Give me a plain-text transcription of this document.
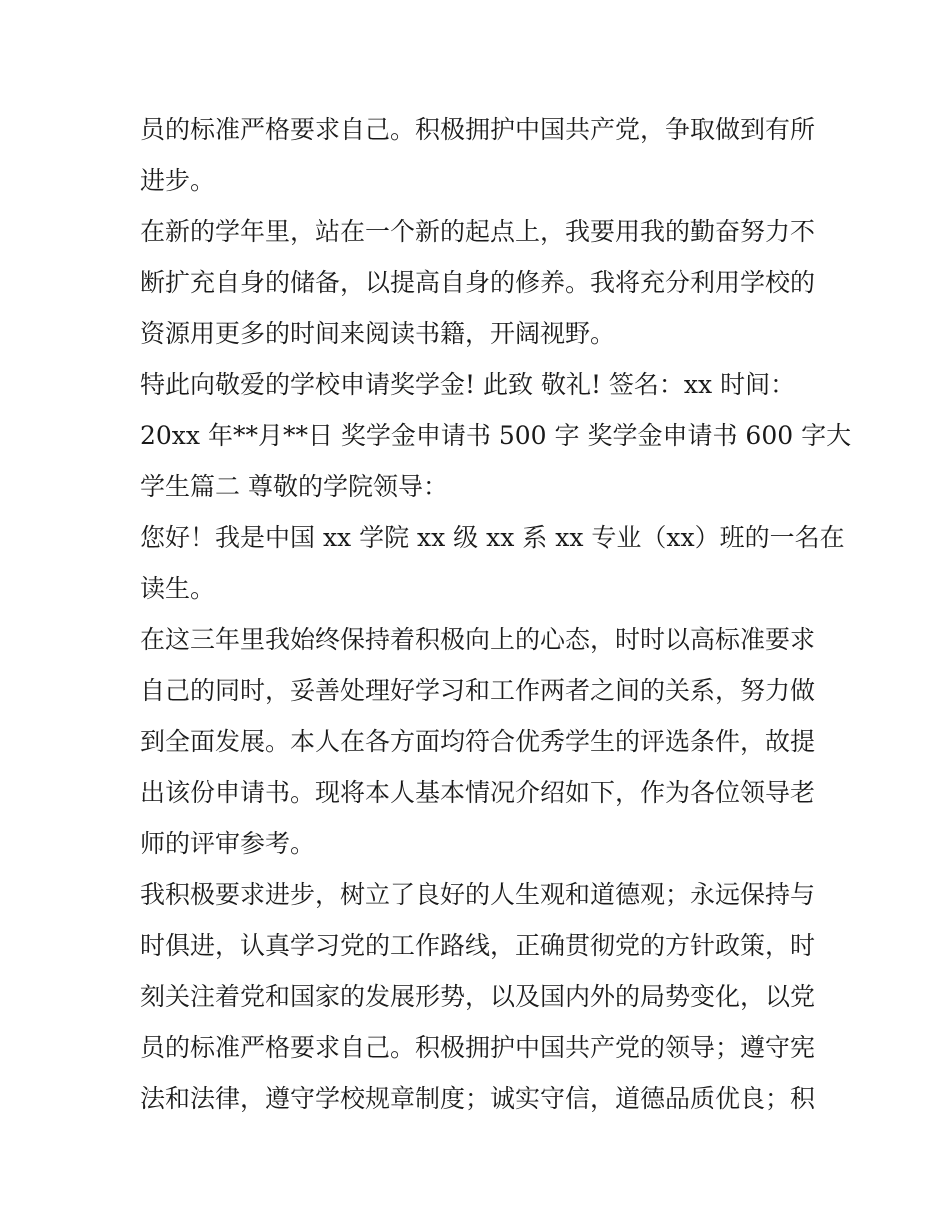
员的标准严格要求自己。积极拥护中国共产党，争取做到有所
进步。
在新的学年里，站在一个新的起点上，我要用我的勤奋努力不
断扩充自身的储备，以提高自身的修养。我将充分利用学校的
资源用更多的时间来阅读书籍，开阔视野。
特此向敬爱的学校申请奖学金! 此致 敬礼! 签名：xx 时间：
20xx 年**月**日 奖学金申请书 500 字 奖学金申请书 600 字大
学生篇二 尊敬的学院领导：
您好！我是中国 xx 学院 xx 级 xx 系 xx 专业（xx）班的一名在
读生。
在这三年里我始终保持着积极向上的心态，时时以高标准要求
自己的同时，妥善处理好学习和工作两者之间的关系，努力做
到全面发展。本人在各方面均符合优秀学生的评选条件，故提
出该份申请书。现将本人基本情况介绍如下，作为各位领导老
师的评审参考。
我积极要求进步，树立了良好的人生观和道德观；永远保持与
时俱进，认真学习党的工作路线，正确贯彻党的方针政策，时
刻关注着党和国家的发展形势，以及国内外的局势变化，以党
员的标准严格要求自己。积极拥护中国共产党的领导；遵守宪
法和法律，遵守学校规章制度；诚实守信，道德品质优良；积
